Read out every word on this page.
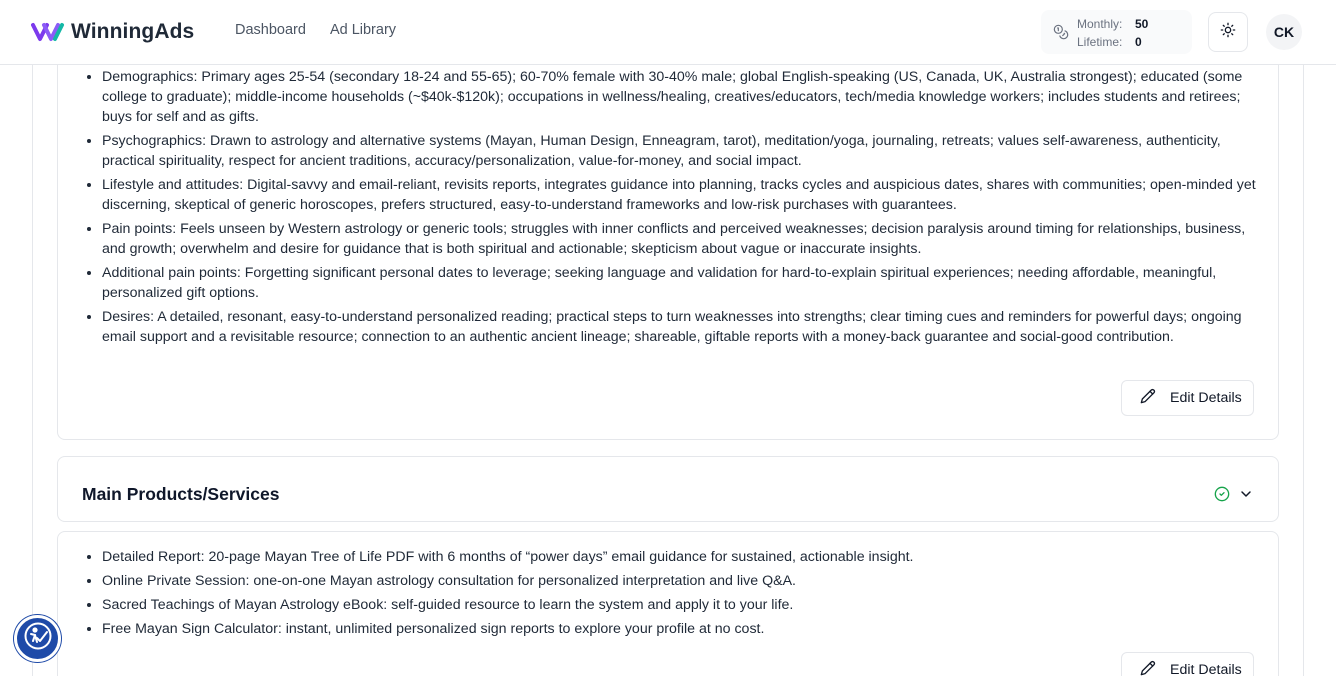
• Demographics: Primary ages 25-54 (secondary 18-24 and 55-65); 60-70% female with 30-40% male; global English-speaking (US, Canada, UK, Australia strongest); educated (some college to graduate); middle-income households (~$40k-$120k); occupations in wellness/healing, creatives/educators, tech/media knowledge workers; includes students and retirees; buys for self and as gifts.
• Psychographics: Drawn to astrology and alternative systems (Mayan, Human Design, Enneagram, tarot), meditation/yoga, journaling, retreats; values self-awareness, authenticity, practical spirituality, respect for ancient traditions, accuracy/personalization, value-for-money, and social impact.
• Lifestyle and attitudes: Digital-savvy and email-reliant, revisits reports, integrates guidance into planning, tracks cycles and auspicious dates, shares with communities; open-minded yet discerning, skeptical of generic horoscopes, prefers structured, easy-to-understand frameworks and low-risk purchases with guarantees.
• Pain points: Feels unseen by Western astrology or generic tools; struggles with inner conflicts and perceived weaknesses; decision paralysis around timing for relationships, business, and growth; overwhelm and desire for guidance that is both spiritual and actionable; skepticism about vague or inaccurate insights.
• Additional pain points: Forgetting significant personal dates to leverage; seeking language and validation for hard-to-explain spiritual experiences; needing affordable, meaningful, personalized gift options.
• Desires: A detailed, resonant, easy-to-understand personalized reading; practical steps to turn weaknesses into strengths; clear timing cues and reminders for powerful days; ongoing email support and a revisitable resource; connection to an authentic ancient lineage; shareable, giftable reports with a money-back guarantee and social-good contribution.
Edit Details
Main Products/Services
• Detailed Report: 20-page Mayan Tree of Life PDF with 6 months of “power days” email guidance for sustained, actionable insight.
• Online Private Session: one-on-one Mayan astrology consultation for personalized interpretation and live Q&A.
• Sacred Teachings of Mayan Astrology eBook: self-guided resource to learn the system and apply it to your life.
• Free Mayan Sign Calculator: instant, unlimited personalized sign reports to explore your profile at no cost.
Edit Details
WinningAds	Dashboard Ad Library	Monthly:	50
Lifetime:	0
CK
